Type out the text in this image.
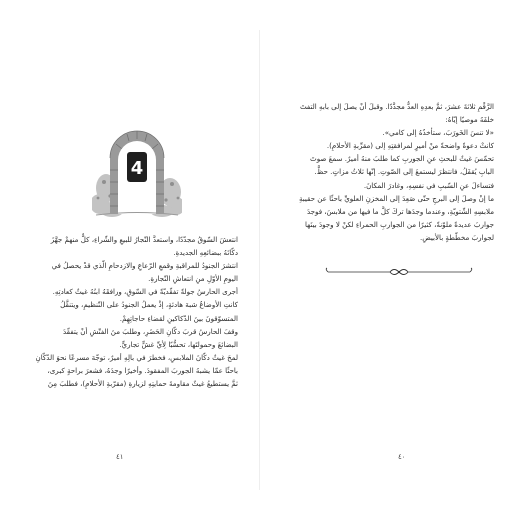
الرَّقْمِ ثلاثةَ عشرَ، ثمَّ بعدِهِ العدُّ مجدَّدًا. وقبلَ أنْ يصلَ إلى بابهِ التفتَ
خلفَهُ موصيًا إيّاهُ:
«لا تنسَ الخَورَبَ، ستأخذُهُ إلى كامي».
كانتْ دعوةً واضحةً منْ أميرٍ لمرافقتِهِ إلى (مقرِّبةِ الأحلامِ).
تحمّسَ غيثٌ للبحثِ عنِ الجوربِ كما طلبَ منهُ أميرٌ. سمعَ صوتَ
البابِ يُقفَلُ، فانتظرَ ليستمعَ إلى الصّوتِ. إنّها ثلاثُ مزاتٍ. حظٌّ.
فتساءلَ عنِ السّببِ في نفسِهِ، وغادرَ المكانَ.
ما إنْ وصلَ إلى البرجِ حتّى صَعِدَ إلى المخزنِ العلويِّ باحثًا عن حقيبةِ
ملابسِهِ الشّتويّةِ، وعندما وجدَها تركَ كلَّ ما فيها من ملابسَ، فوجدَ
جواربَ عديدةً ملوّنةً، كثيرًا من الجواربِ الحمراءِ لكنْ لا وجودَ بينَها
لجواربَ مخطّطةٍ بالأبيضِ.
٤٠
4
انتعشَ السّوقُ مجدّدًا، واستعدَّ التّجارُ للبيعِ والشّراءِ، كلٌّ منهمْ جهَّزَ
دكّانَهُ ببضائعِهِ الجديدةِ.
انتشرَ الجنودُ للمراقبةِ وقمعِ الرّعاعِ والازدحامِ الّذي قدْ يحصلُ في
اليومِ الأوّلِ منِ انتعاشِ التّجارةِ.
أجرى الحارسُ جولةً تفقّديّةً في السّوقِ، ورافقَهُ ابنُهُ غيثٌ كعادتِهِ.
كانتِ الأوضاعُ شبهَ هادئةٍ، إذْ يعملُ الجنودُ على التّنظيمِ، ويتنقَّلُ
المتسوّقونَ بينَ الدّكاكينِ لقضاءِ حاجاتِهِمْ.
وقفَ الحارسُ قربَ دكّانِ الحَضَرِ، وطلبَ منَ الفتّشِ أنْ يتفقّدَ
البضائعَ وحمولتَها، تحسُّبًا لِأيِّ غشٍّ تجاريٍّ.
لمحَ غيثٌ دكّانَ الملابسِ، فخطرَ في بالِهِ أميرٌ، توجّهَ مسرعًا نحوَ الدّكّانِ
باحثًا عمّا يشبهُ الجوربَ المفقودَ. وأخيرًا وجدَهُ، فشعرَ براحةٍ كبرى،
ثمَّ يستطيعُ غيثٌ مقاومةَ حمايتِهِ لزيارةِ (مقرّبةِ الأحلامِ)، فطلبَ مِنَ
٤١
